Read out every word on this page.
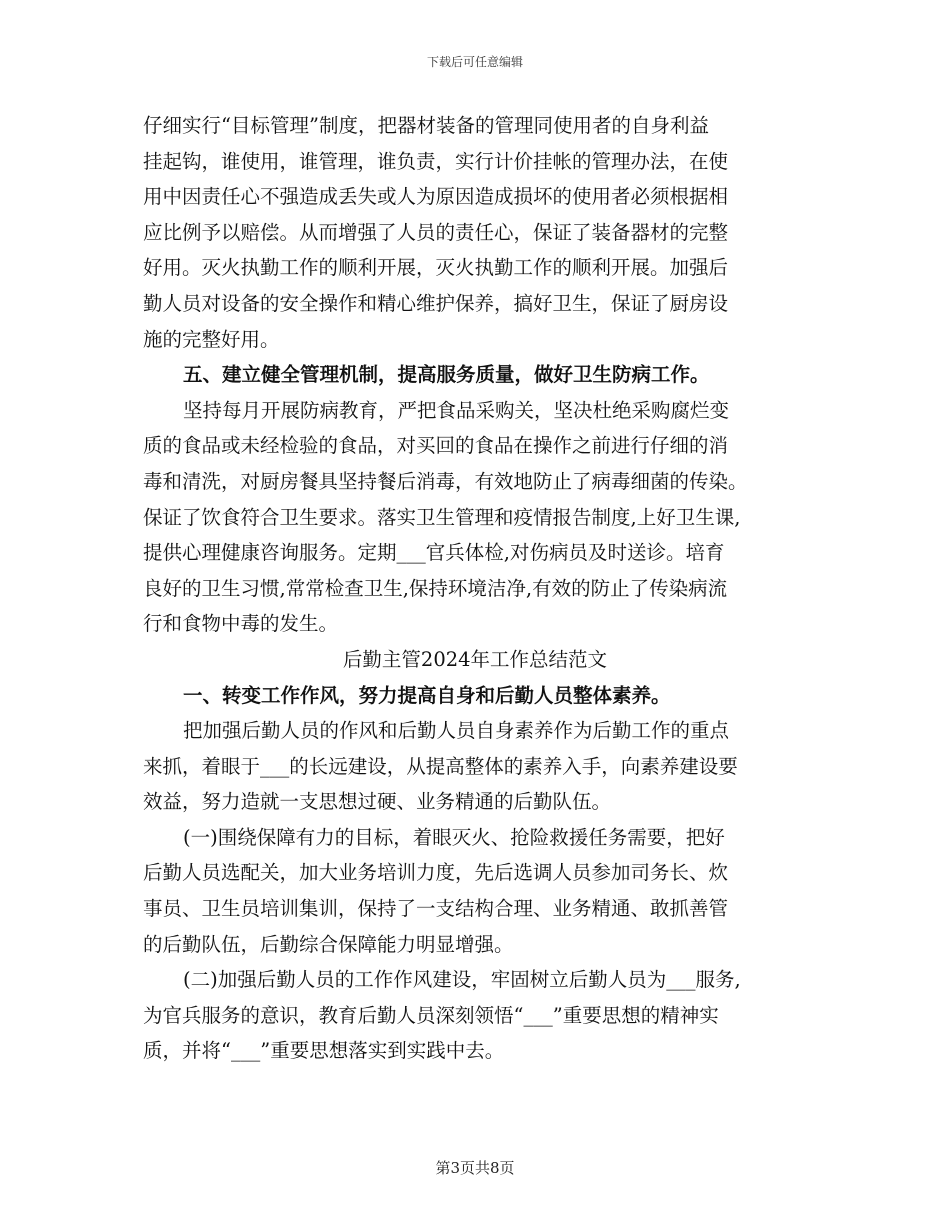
下载后可任意编辑
仔细实行“目标管理”制度，把器材装备的管理同使用者的自身利益
挂起钩，谁使用，谁管理，谁负责，实行计价挂帐的管理办法，在使
用中因责任心不强造成丢失或人为原因造成损坏的使用者必须根据相
应比例予以赔偿。从而增强了人员的责任心，保证了装备器材的完整
好用。灭火执勤工作的顺利开展，灭火执勤工作的顺利开展。加强后
勤人员对设备的安全操作和精心维护保养，搞好卫生，保证了厨房设
施的完整好用。
五、建立健全管理机制，提高服务质量，做好卫生防病工作。
坚持每月开展防病教育，严把食品采购关，坚决杜绝采购腐烂变
质的食品或未经检验的食品，对买回的食品在操作之前进行仔细的消
毒和清洗，对厨房餐具坚持餐后消毒，有效地防止了病毒细菌的传染。
保证了饮食符合卫生要求。落实卫生管理和疫情报告制度,上好卫生课,
提供心理健康咨询服务。定期___官兵体检,对伤病员及时送诊。培育
良好的卫生习惯,常常检查卫生,保持环境洁净,有效的防止了传染病流
行和食物中毒的发生。
后勤主管2024年工作总结范文
一、转变工作作风，努力提高自身和后勤人员整体素养。
把加强后勤人员的作风和后勤人员自身素养作为后勤工作的重点
来抓，着眼于___的长远建设，从提高整体的素养入手，向素养建设要
效益，努力造就一支思想过硬、业务精通的后勤队伍。
(一)围绕保障有力的目标，着眼灭火、抢险救援任务需要，把好
后勤人员选配关，加大业务培训力度，先后选调人员参加司务长、炊
事员、卫生员培训集训，保持了一支结构合理、业务精通、敢抓善管
的后勤队伍，后勤综合保障能力明显增强。
(二)加强后勤人员的工作作风建设，牢固树立后勤人员为___服务,
为官兵服务的意识，教育后勤人员深刻领悟“___”重要思想的精神实
质，并将“___”重要思想落实到实践中去。
第3页共8页
